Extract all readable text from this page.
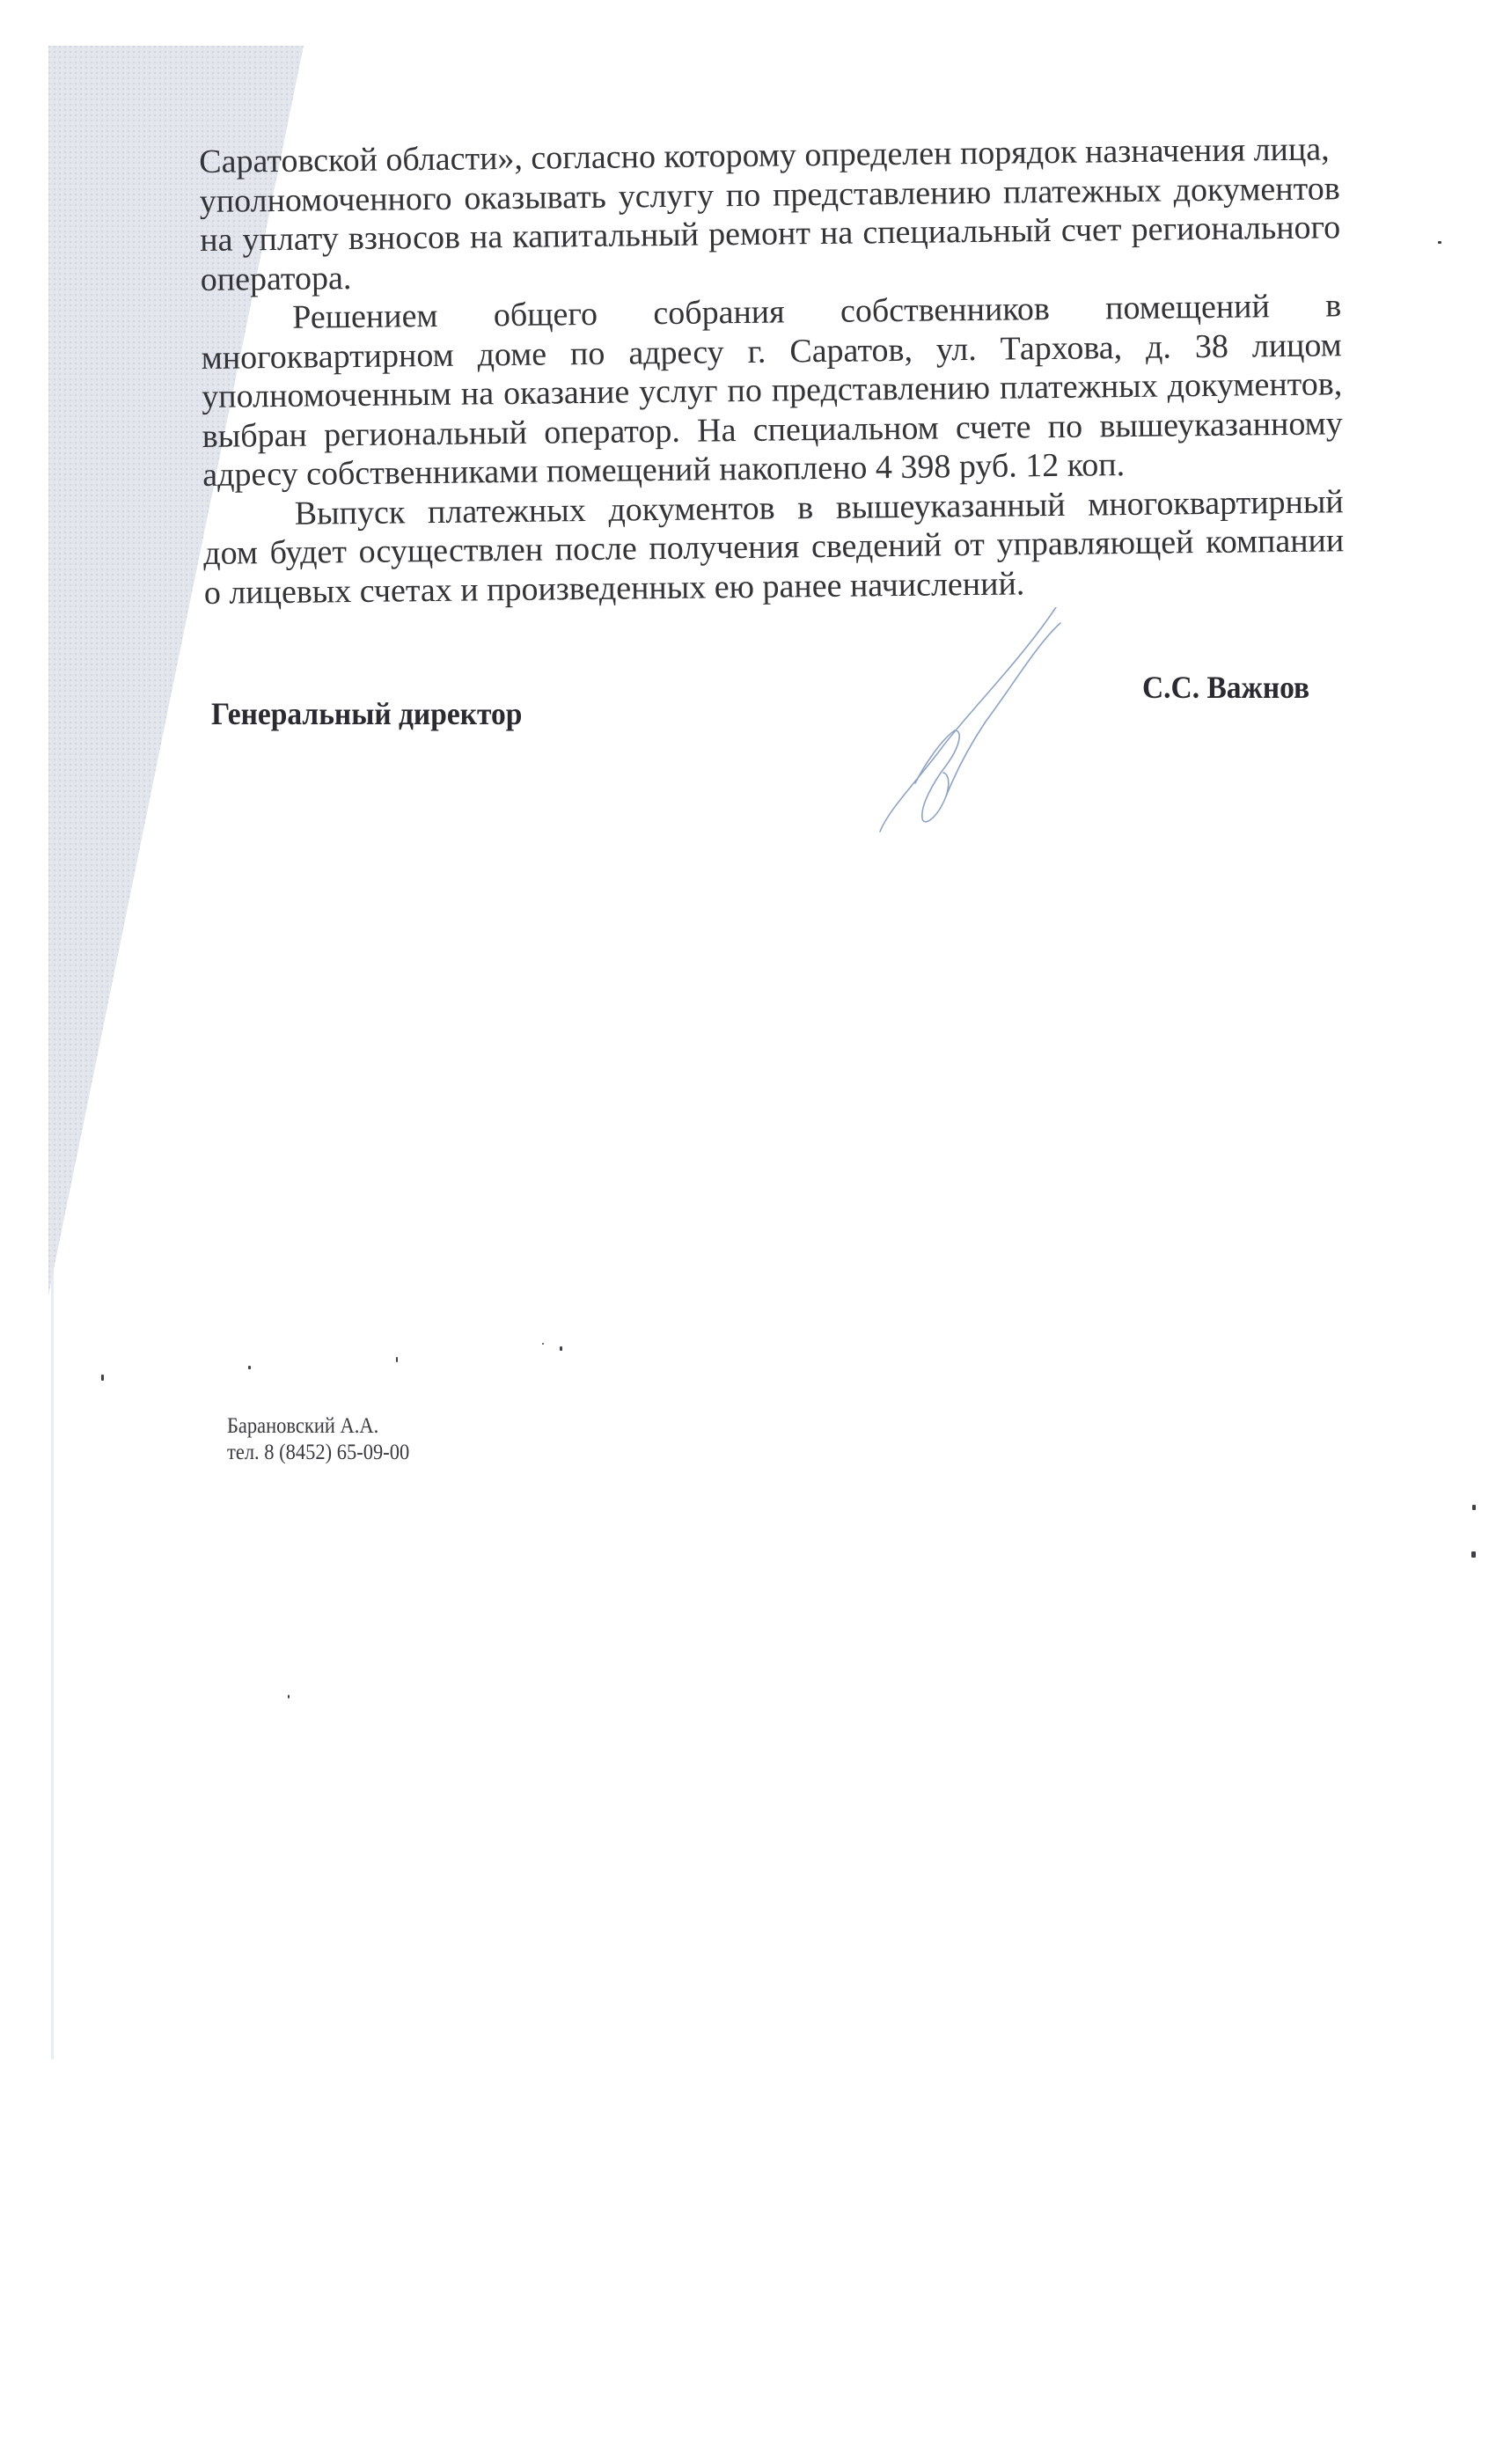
Саратовской области», согласно которому определен порядок назначения лица,
уполномоченного оказывать услугу по представлению платежных документов
на уплату взносов на капитальный ремонт на специальный счет регионального
оператора.
Решением общего собрания собственников помещений в
многоквартирном доме по адресу г. Саратов, ул. Тархова, д. 38 лицом
уполномоченным на оказание услуг по представлению платежных документов,
выбран региональный оператор. На специальном счете по вышеуказанному
адресу собственниками помещений накоплено 4 398 руб. 12 коп.
Выпуск платежных документов в вышеуказанный многоквартирный
дом будет осуществлен после получения сведений от управляющей компании
о лицевых счетах и произведенных ею ранее начислений.
Генеральный директор
С.С. Важнов
Барановский А.А.
тел. 8 (8452) 65-09-00
